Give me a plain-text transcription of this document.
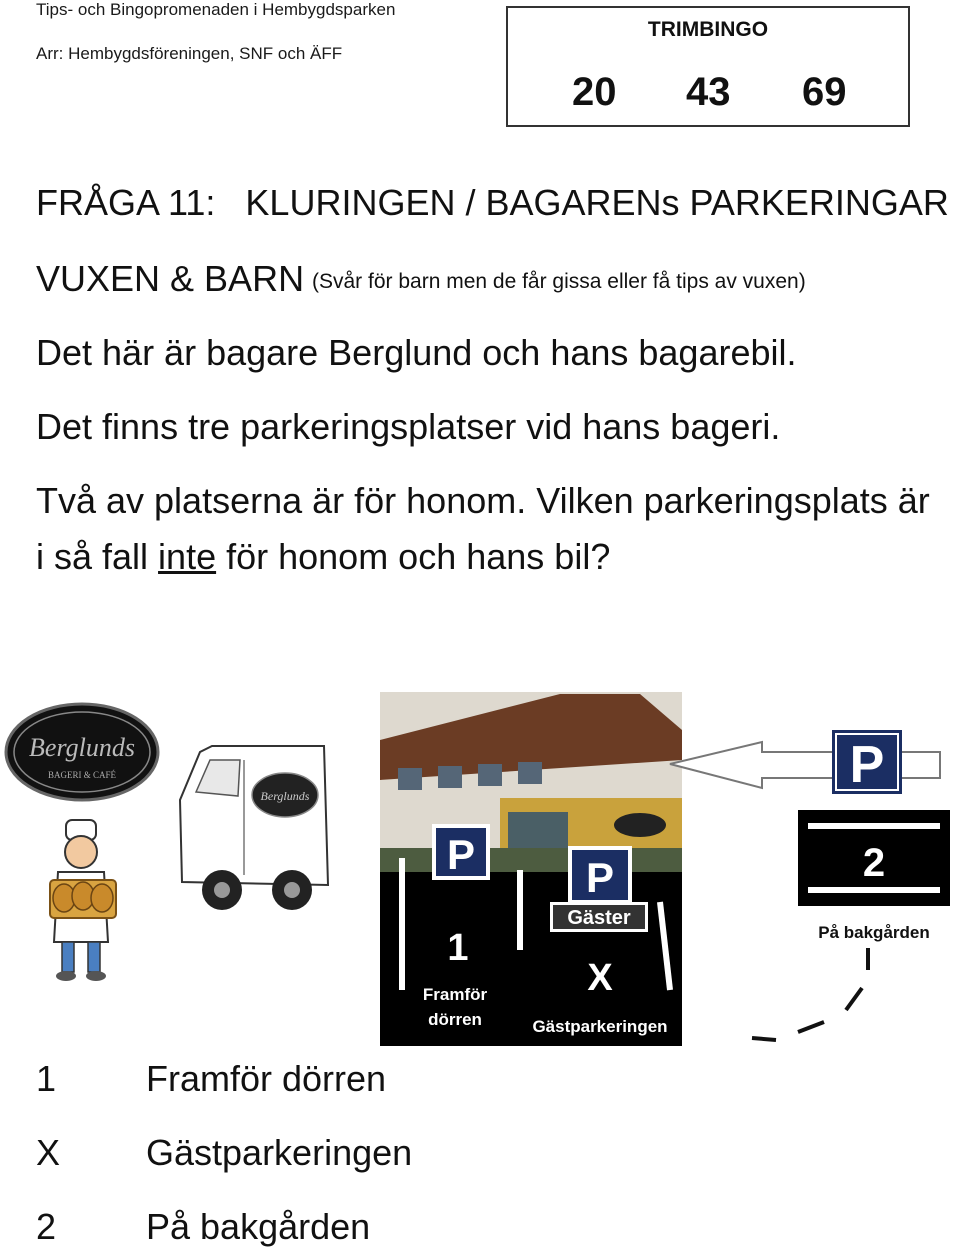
Tips- och Bingopromenaden i Hembygdsparken
Arr: Hembygdsföreningen, SNF och ÄFF
TRIMBINGO
20 43 69
FRÅGA 11:   KLURINGEN / BAGARENs PARKERINGAR
VUXEN & BARN (Svår för barn men de får gissa eller få tips av vuxen)
Det här är bagare Berglund och hans bagarebil.
Det finns tre parkeringsplatser vid hans bageri.
Två av platserna är för honom. Vilken parkeringsplats är
i så fall inte för honom och hans bil?
Berglunds
BAGERI & CAFÉ
Berglunds
P	P
Gäster
1
Framför
dörren
X
Gästparkeringen
P
2
På bakgården
1 Framför dörren
X Gästparkeringen
2 På bakgården
